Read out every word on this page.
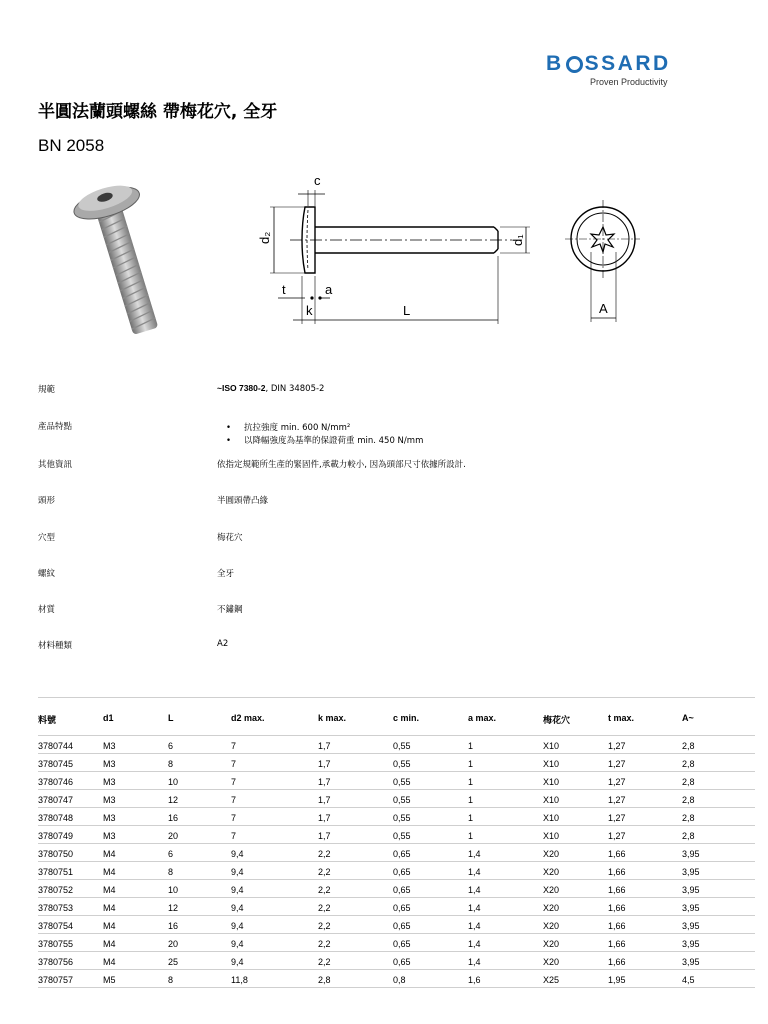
B SSARD
Proven Productivity
半圓法蘭頭螺絲 帶梅花穴, 全牙
BN 2058
d₂	d₁
c
t	a
k	L	A
規範	~ISO 7380-2, DIN 34805-2
產品特點	• 抗拉強度 min. 600 N/mm²
• 以降幅強度為基準的保證荷重 min. 450 N/mm
其他資訊	依指定規範所生產的緊固件,承載力較小, 因為頭部尺寸依據所設計.
頭形	半圓頭帶凸緣
穴型	梅花穴
螺紋	全牙
材質	不鏽鋼
材料種類	A2
料號	d1	L	d2 max.	k max.	c min.	a max.	梅花穴	t max.	A~
3780744	M3	6	7	1,7	0,55	1	X10	1,27	2,8
3780745	M3	8	7	1,7	0,55	1	X10	1,27	2,8
3780746	M3	10	7	1,7	0,55	1	X10	1,27	2,8
3780747	M3	12	7	1,7	0,55	1	X10	1,27	2,8
3780748	M3	16	7	1,7	0,55	1	X10	1,27	2,8
3780749	M3	20	7	1,7	0,55	1	X10	1,27	2,8
3780750	M4	6	9,4	2,2	0,65	1,4	X20	1,66	3,95
3780751	M4	8	9,4	2,2	0,65	1,4	X20	1,66	3,95
3780752	M4	10	9,4	2,2	0,65	1,4	X20	1,66	3,95
3780753	M4	12	9,4	2,2	0,65	1,4	X20	1,66	3,95
3780754	M4	16	9,4	2,2	0,65	1,4	X20	1,66	3,95
3780755	M4	20	9,4	2,2	0,65	1,4	X20	1,66	3,95
3780756	M4	25	9,4	2,2	0,65	1,4	X20	1,66	3,95
3780757	M5	8	11,8	2,8	0,8	1,6	X25	1,95	4,5
